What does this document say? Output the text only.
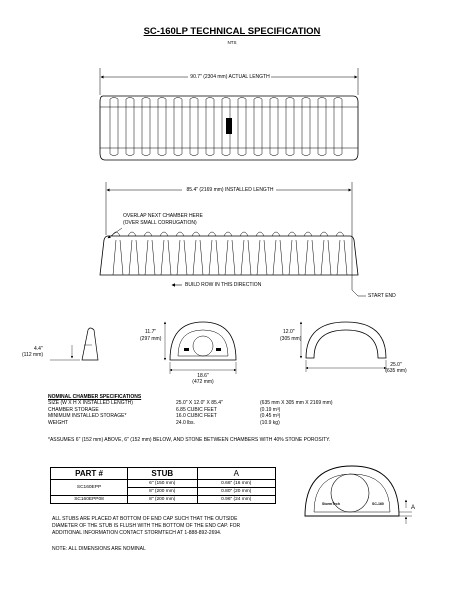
SC-160LP TECHNICAL SPECIFICATION
NTS
90.7" (2304 mm) ACTUAL LENGTH
85.4" (2169 mm) INSTALLED LENGTH
OVERLAP NEXT CHAMBER HERE
(OVER SMALL CORRUGATION)
BUILD ROW IN THIS DIRECTION
START END
4.4"
(112 mm)
11.7"
(297 mm)
18.6"
(472 mm)
12.0"
(305 mm)
25.0"
(635 mm)
NOMINAL CHAMBER SPECIFICATIONS
SIZE (W X H X INSTALLED LENGTH)	25.0" X 12.0" X 85.4"	(635 mm X 305 mm X 2169 mm)
CHAMBER STORAGE	6.85 CUBIC FEET	(0.19 m³)
MINIMUM INSTALLED STORAGE*	16.0 CUBIC FEET	(0.45 m³)
WEIGHT	24.0 lbs.	(10.9 kg)
*ASSUMES 6" (152 mm) ABOVE, 6" (152 mm) BELOW, AND STONE BETWEEN CHAMBERS WITH 40% STONE POROSITY.
PART #	STUB	A
SC160EPP	6" (150 mm)	0.66" (16 mm)
	8" (200 mm)	0.80" (20 mm)
SC160EPP08	8" (200 mm)	0.96" (24 mm)
ALL STUBS ARE PLACED AT BOTTOM OF END CAP SUCH THAT THE OUTSIDE
DIAMETER OF THE STUB IS FLUSH WITH THE BOTTOM OF THE END CAP. FOR
ADDITIONAL INFORMATION CONTACT STORMTECH AT 1-888-892-2694.
NOTE: ALL DIMENSIONS ARE NOMINAL
A
StormTech	SC-160
